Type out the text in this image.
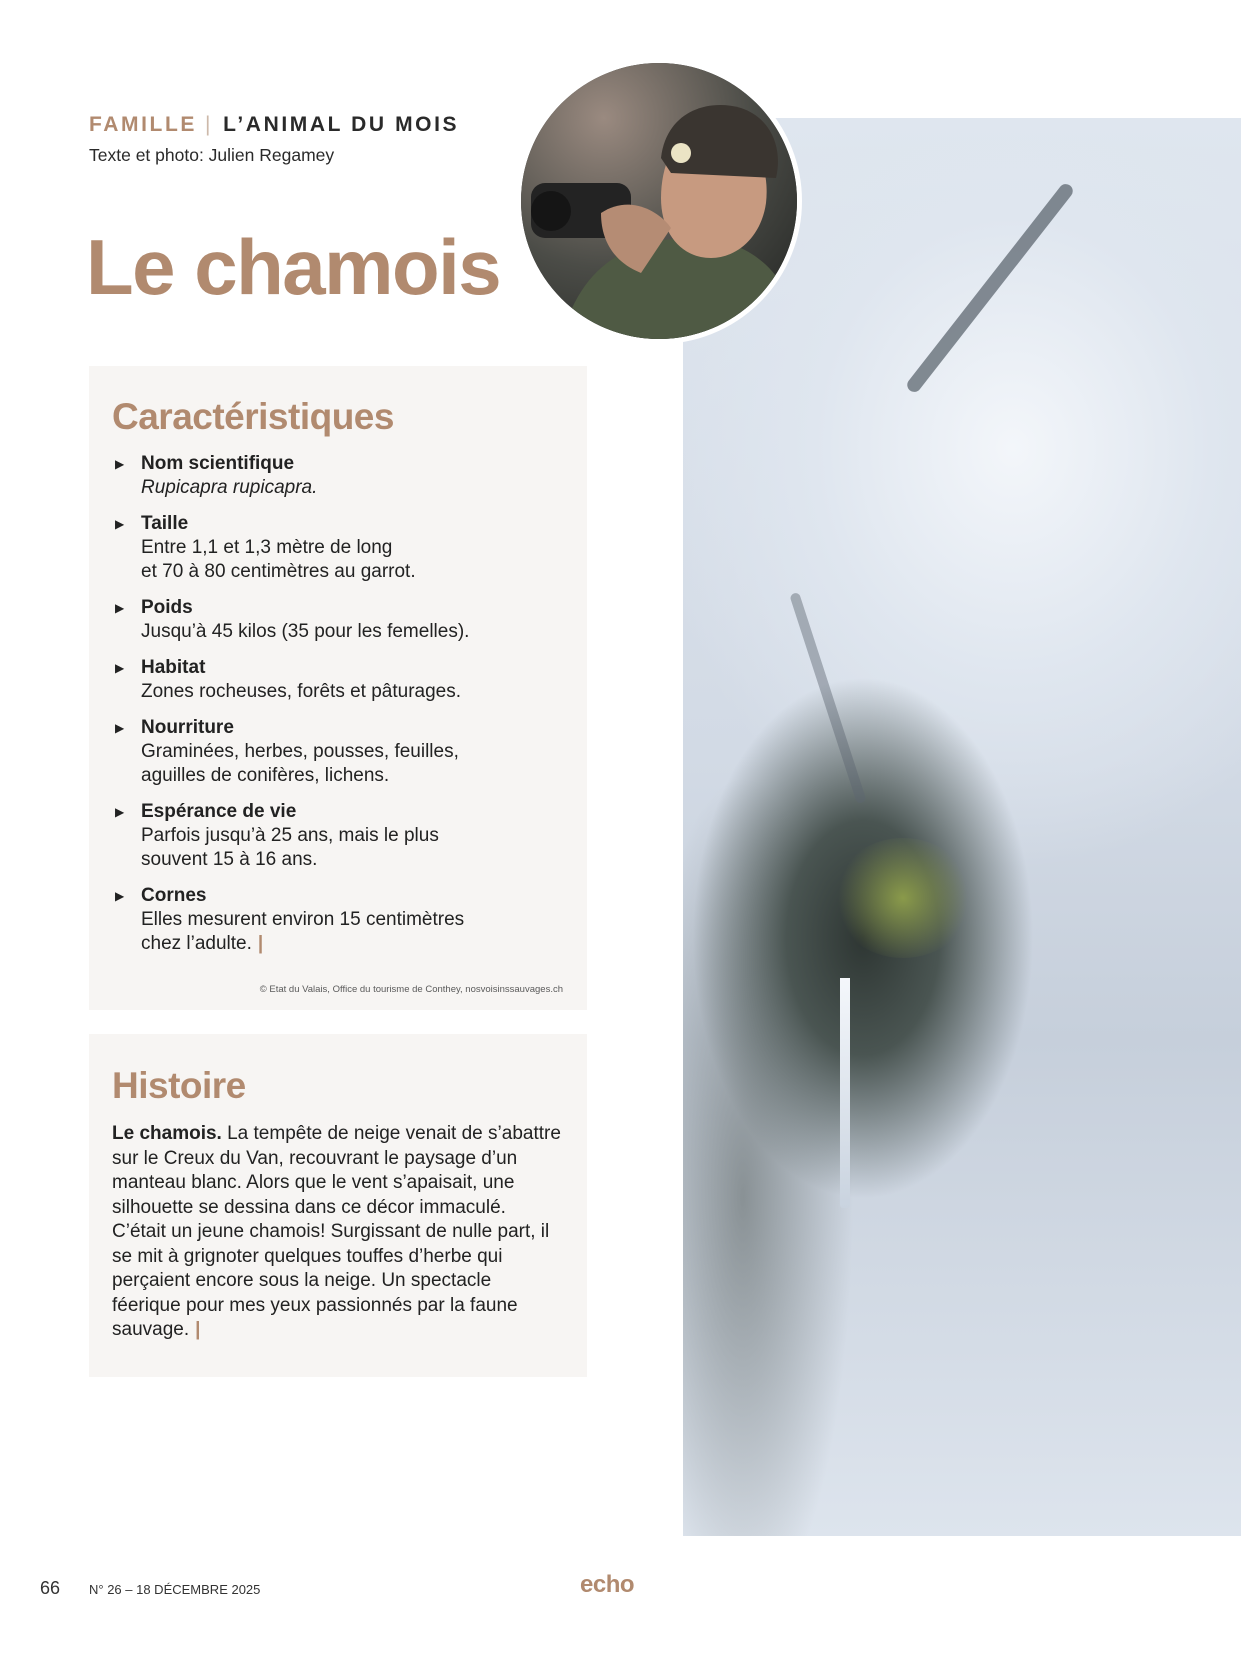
FAMILLE | L’ANIMAL DU MOIS
Texte et photo: Julien Regamey
Le chamois
Caractéristiques
▶ Nom scientifique
Rupicapra rupicapra.
▶ Taille
Entre 1,1 et 1,3 mètre de long
et 70 à 80 centimètres au garrot.
▶ Poids
Jusqu’à 45 kilos (35 pour les femelles).
▶ Habitat
Zones rocheuses, forêts et pâturages.
▶ Nourriture
Graminées, herbes, pousses, feuilles,
aguilles de conifères, lichens.
▶ Espérance de vie
Parfois jusqu’à 25 ans, mais le plus
souvent 15 à 16 ans.
▶ Cornes
Elles mesurent environ 15 centimètres
chez l’adulte. |
© Etat du Valais, Office du tourisme de Conthey, nosvoisinssauvages.ch
Histoire

Le chamois. La tempête de neige venait de s’abattre sur le Creux du Van, recouvrant le paysage d’un manteau blanc. Alors que le vent s’apaisait, une silhouette se dessina dans ce décor immaculé. C’était un jeune chamois! Surgissant de nulle part, il se mit à grignoter quelques touffes d’herbe qui perçaient encore sous la neige. Un spectacle féerique pour mes yeux passionnés par la faune sauvage. |

66 N° 26 – 18 DÉCEMBRE 2025	echo
